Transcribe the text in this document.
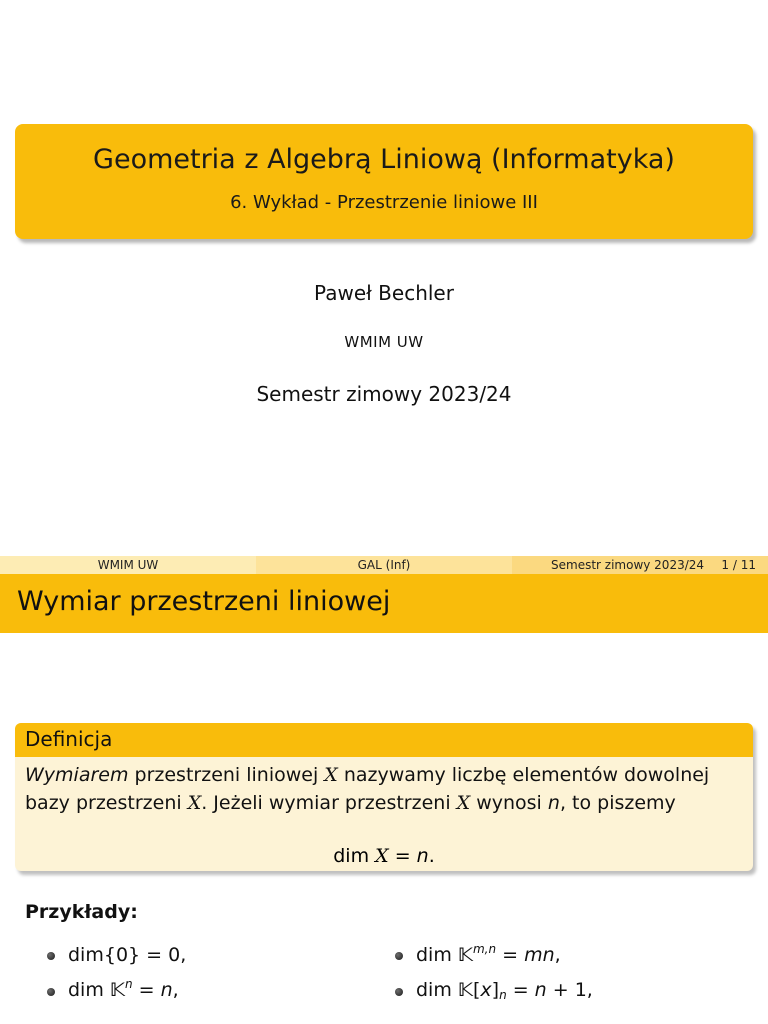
Geometria z Algebrą Liniową (Informatyka)
6. Wykład - Przestrzenie liniowe III
Paweł Bechler
WMIM UW
Semestr zimowy 2023/24
WMIM UW	GAL (Inf)	Semestr zimowy 2023/24 1 / 11
Wymiar przestrzeni liniowej
Definicja
Wymiarem przestrzeni liniowej X nazywamy liczbę elementów dowolnej
bazy przestrzeni X. Jeżeli wymiar przestrzeni X wynosi n, to piszemy
dim X = n.
Przykłady:
dim{0} = 0,
dim 𝕂$^n$ = n,
dim 𝕂$^{m,n}$ = mn,
dim $𝕂[x]_n = n + 1$,
